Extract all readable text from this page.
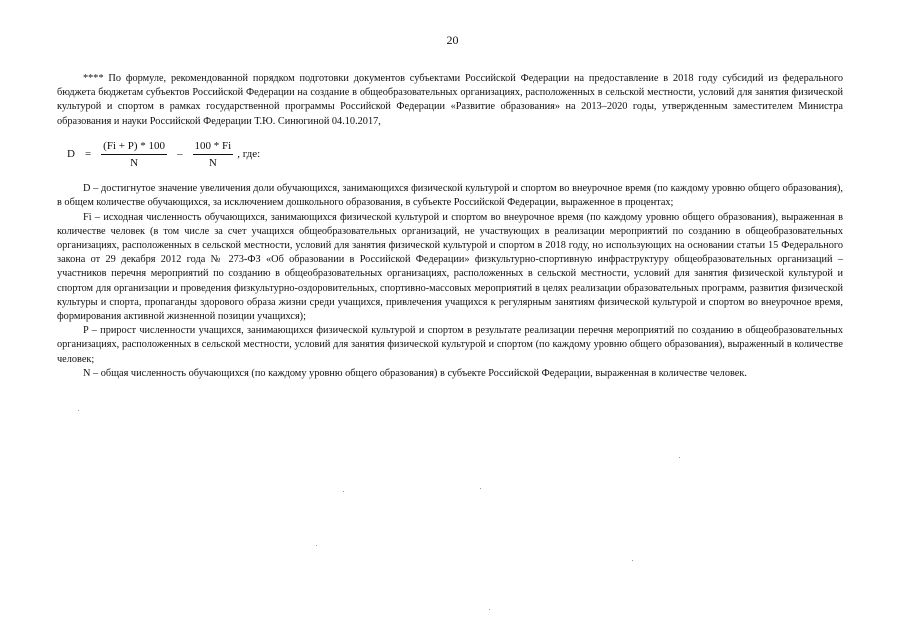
20

**** По формуле, рекомендованной порядком подготовки документов субъектами Российской Федерации на предоставление в 2018 году субсидий из федерального бюджета бюджетам субъектов Российской Федерации на создание в общеобразовательных организациях, расположенных в сельской местности, условий для занятия физической культурой и спортом в рамках государственной программы Российской Федерации «Развитие образования» на 2013–2020 годы, утвержденным заместителем Министра образования и науки Российской Федерации Т.Ю. Синюгиной 04.10.2017,

$D = \frac{(Fi + P) * 100}{N} - \frac{100 * Fi}{N}$ , где:

D – достигнутое значение увеличения доли обучающихся, занимающихся физической культурой и спортом во внеурочное время (по каждому уровню общего образования), в общем количестве обучающихся, за исключением дошкольного образования, в субъекте Российской Федерации, выраженное в процентах;

Fi – исходная численность обучающихся, занимающихся физической культурой и спортом во внеурочное время (по каждому уровню общего образования), выраженная в количестве человек (в том числе за счет учащихся общеобразовательных организаций, не участвующих в реализации мероприятий по созданию в общеобразовательных организациях, расположенных в сельской местности, условий для занятия физической культурой и спортом в 2018 году, но использующих на основании статьи 15 Федерального закона от 29 декабря 2012 года № 273-ФЗ «Об образовании в Российской Федерации» физкультурно-спортивную инфраструктуру общеобразовательных организаций – участников перечня мероприятий по созданию в общеобразовательных организациях, расположенных в сельской местности, условий для занятия физической культурой и спортом для организации и проведения физкультурно-оздоровительных, спортивно-массовых мероприятий в целях реализации образовательных программ, развития физической культуры и спорта, пропаганды здорового образа жизни среди учащихся, привлечения учащихся к регулярным занятиям физической культурой и спортом во внеурочное время, формирования активной жизненной позиции учащихся);

P – прирост численности учащихся, занимающихся физической культурой и спортом в результате реализации перечня мероприятий по созданию в общеобразовательных организациях, расположенных в сельской местности, условий для занятия физической культурой и спортом (по каждому уровню общего образования), выраженный в количестве человек;

N – общая численность обучающихся (по каждому уровню общего образования) в субъекте Российской Федерации, выраженная в количестве человек.
